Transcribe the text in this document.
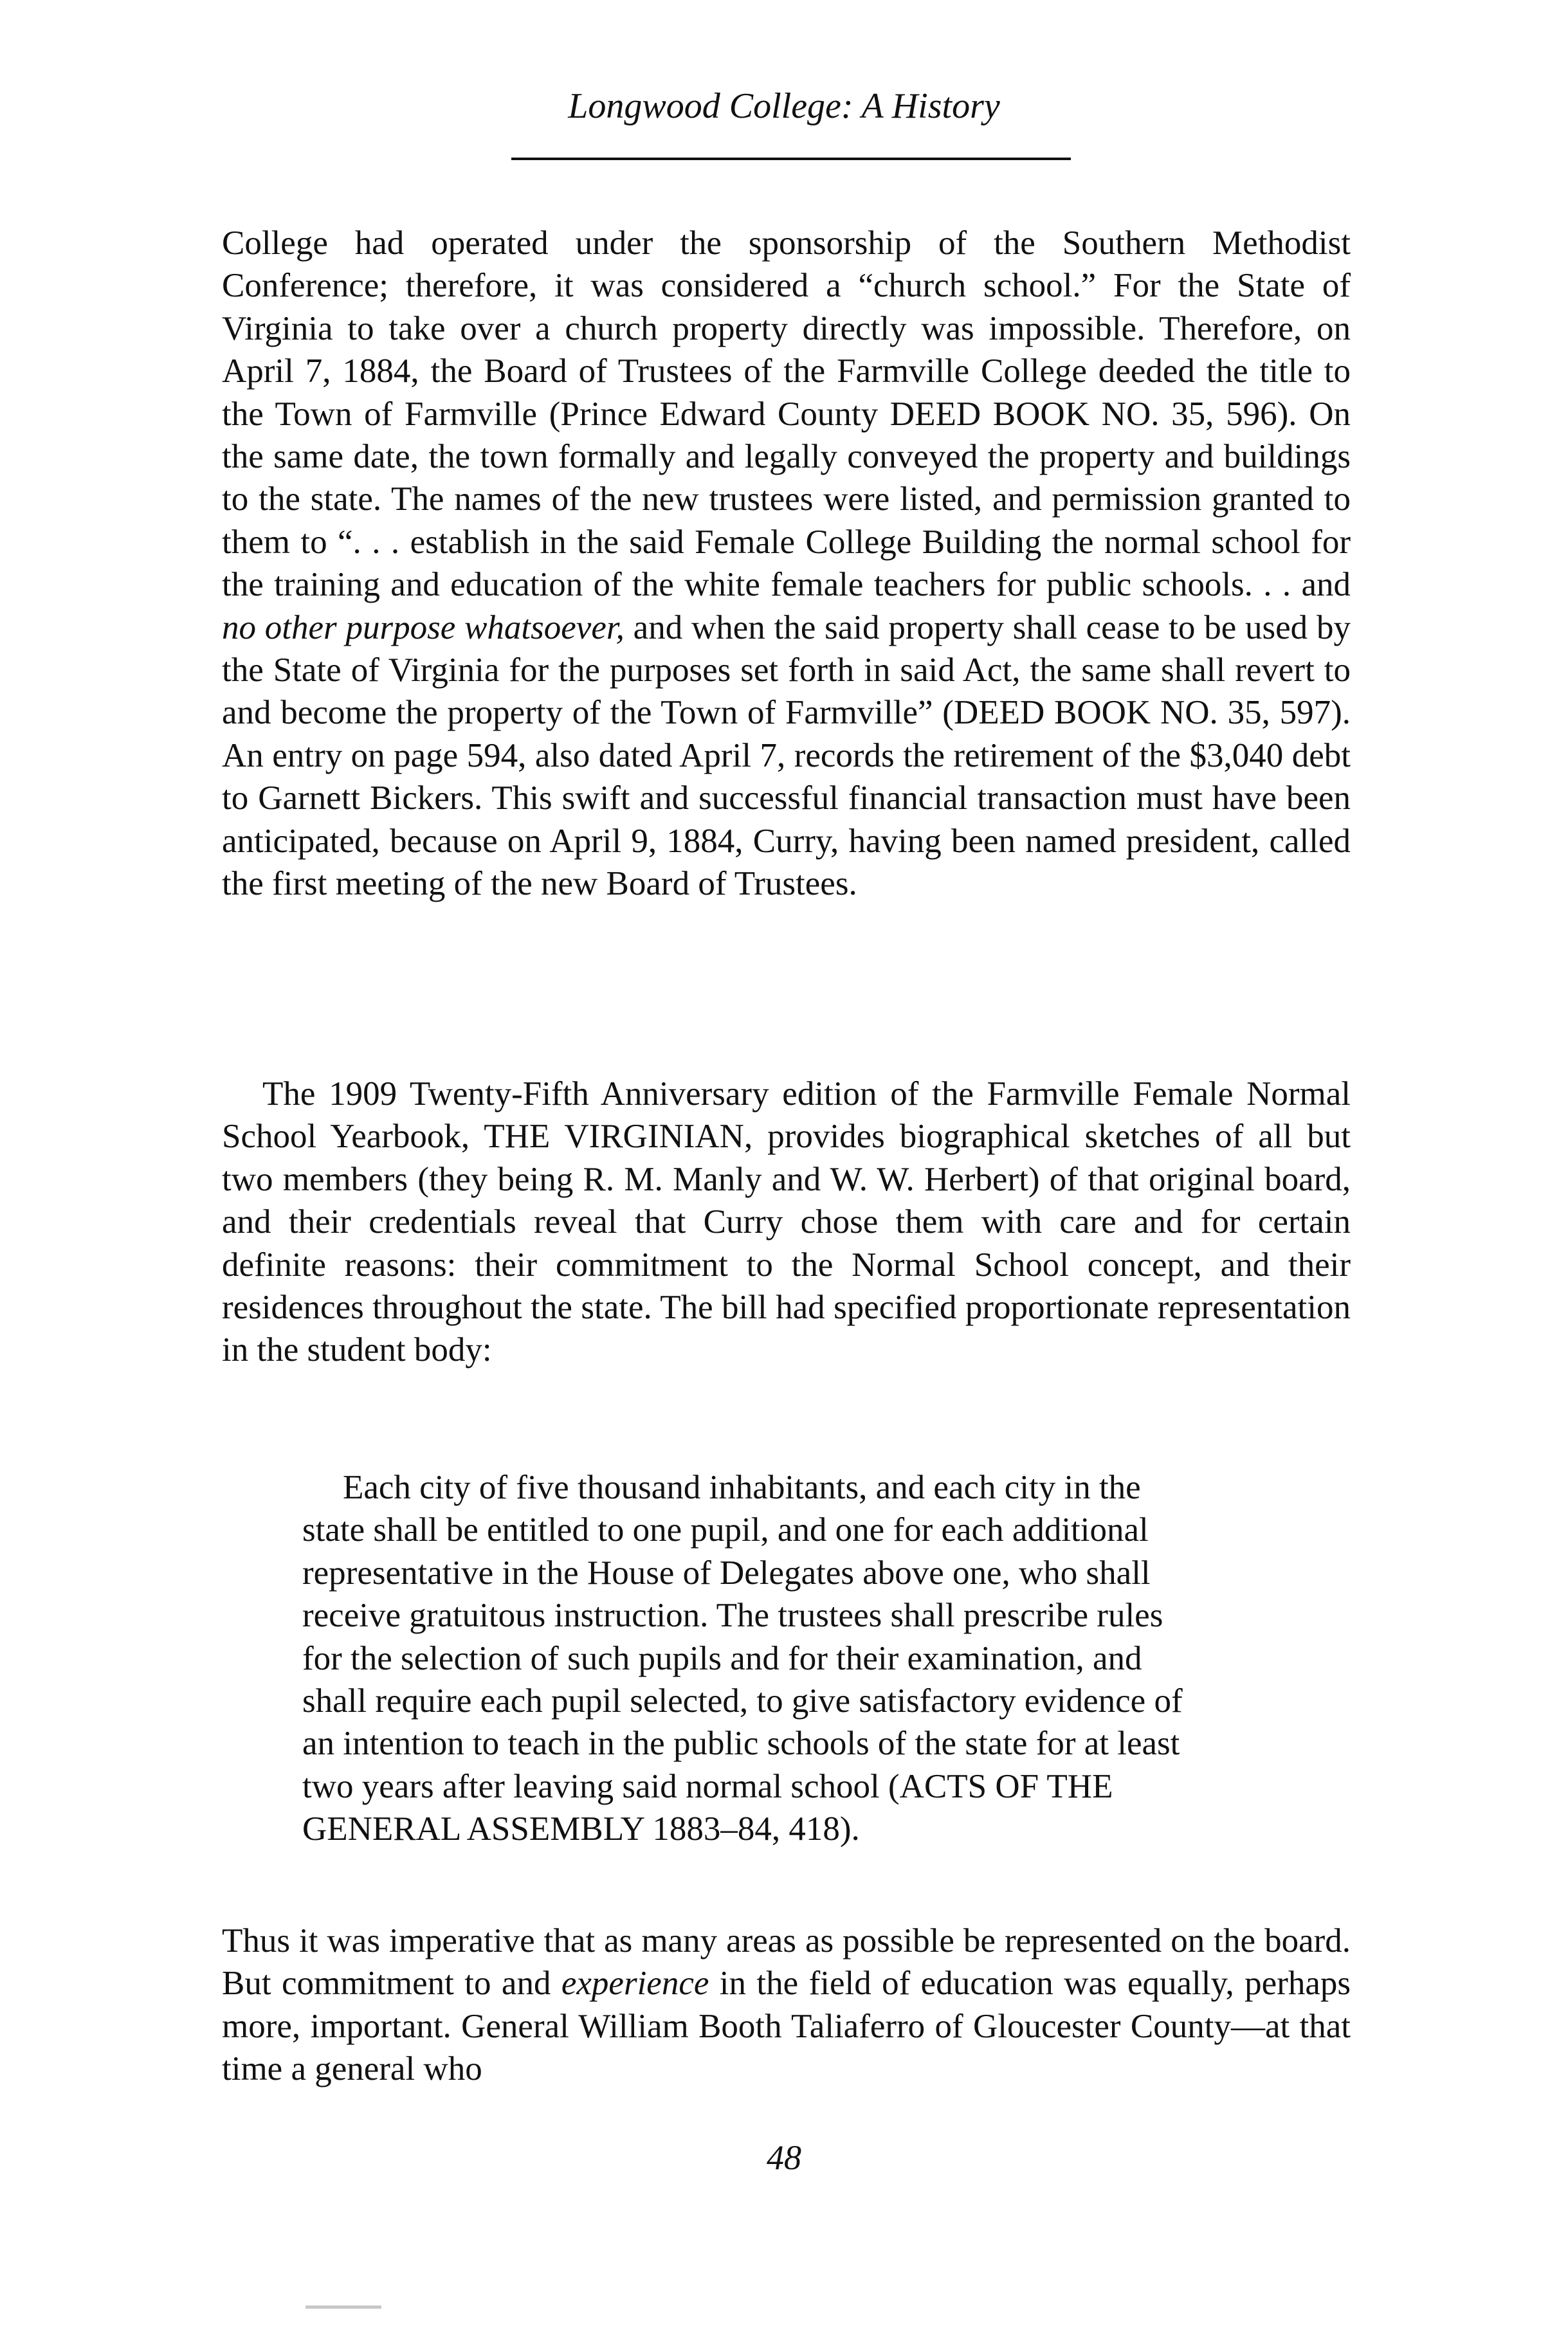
Longwood College: A History
College had operated under the sponsorship of the Southern Methodist Conference; therefore, it was considered a “church school.” For the State of Virginia to take over a church property directly was impossible. Therefore, on April 7, 1884, the Board of Trustees of the Farmville College deeded the title to the Town of Farmville (Prince Edward County DEED BOOK NO. 35, 596). On the same date, the town formally and legally conveyed the property and buildings to the state. The names of the new trustees were listed, and permission granted to them to “. . . establish in the said Female College Building the normal school for the training and education of the white female teachers for public schools. . . and no other purpose whatsoever, and when the said property shall cease to be used by the State of Virginia for the purposes set forth in said Act, the same shall revert to and become the property of the Town of Farmville” (DEED BOOK NO. 35, 597). An entry on page 594, also dated April 7, records the retirement of the $3,040 debt to Garnett Bickers. This swift and successful financial transaction must have been anticipated, because on April 9, 1884, Curry, having been named president, called the first meeting of the new Board of Trustees.
The 1909 Twenty-Fifth Anniversary edition of the Farmville Female Normal School Yearbook, THE VIRGINIAN, provides biographical sketches of all but two members (they being R. M. Manly and W. W. Herbert) of that original board, and their credentials reveal that Curry chose them with care and for certain definite reasons: their commitment to the Normal School concept, and their residences throughout the state. The bill had specified proportionate representation in the student body:
Each city of five thousand inhabitants, and each city in the
state shall be entitled to one pupil, and one for each additional
representative in the House of Delegates above one, who shall
receive gratuitous instruction. The trustees shall prescribe rules
for the selection of such pupils and for their examination, and
shall require each pupil selected, to give satisfactory evidence of
an intention to teach in the public schools of the state for at least
two years after leaving said normal school (ACTS OF THE
GENERAL ASSEMBLY 1883–84, 418).
Thus it was imperative that as many areas as possible be represented on the board. But commitment to and experience in the field of education was equally, perhaps more, important. General William Booth Taliaferro of Gloucester County—at that time a general who
48
